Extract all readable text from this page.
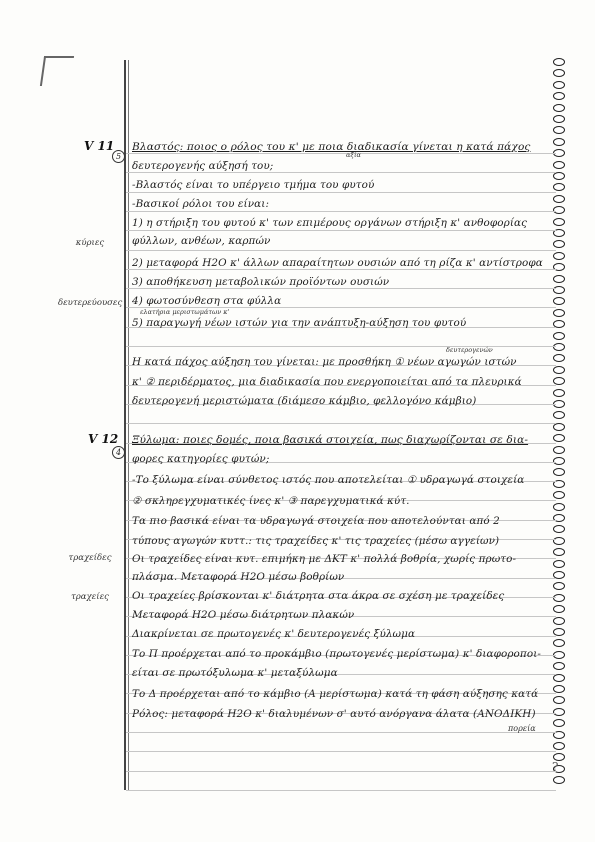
V 11
5
Βλαστός: ποιος ο ρόλος του κ' με ποια διαδικασία γίνεται η κατά πάχος
δευτερογενής αύξησή του;
αξία
-Βλαστός είναι το υπέργειο τμήμα του φυτού
-Βασικοί ρόλοι του είναι:
1) η στήριξη του φυτού κ' των επιμέρους οργάνων στήριξη κ' ανθοφορίας
φύλλων, ανθέων, καρπών
κύριες
2) μεταφορά H2O κ' άλλων απαραίτητων ουσιών από τη ρίζα κ' αντίστροφα
3) αποθήκευση μεταβολικών προϊόντων ουσιών
4) φωτοσύνθεση στα φύλλα
δευτερεύουσες
ελατήρια μεριστωμάτων κ'
5) παραγωγή νέων ιστών για την ανάπτυξη-αύξηση του φυτού
δευτερογενών
Η κατά πάχος αύξηση του γίνεται: με προσθήκη ① νέων αγωγών ιστών
κ' ② περιδέρματος, μια διαδικασία που ενεργοποιείται από τα πλευρικά
δευτερογενή μεριστώματα (διάμεσο κάμβιο, φελλογόνο κάμβιο)
V 12
4
Ξύλωμα: ποιες δομές, ποια βασικά στοιχεία, πως διαχωρίζονται σε δια-
φορες κατηγορίες φυτών;
-Το ξύλωμα είναι σύνθετος ιστός που αποτελείται ① υδραγωγά στοιχεία
② σκληρεγχυματικές ίνες κ' ③ παρεγχυματικά κύτ.
Τα πιο βασικά είναι τα υδραγωγά στοιχεία που αποτελούνται από 2
τύπους αγωγών κυττ.: τις τραχείδες κ' τις τραχείες (μέσω αγγείων)
Οι τραχείδες είναι κυτ. επιμήκη με ΔΚΤ κ' πολλά βοθρία, χωρίς πρωτο-
τραχείδες
πλάσμα. Μεταφορά H2O μέσω βοθρίων
Οι τραχείες βρίσκονται κ' διάτρητα στα άκρα σε σχέση με τραχείδες
τραχείες
Μεταφορά H2O μέσω διάτρητων πλακών
Διακρίνεται σε πρωτογενές κ' δευτερογενές ξύλωμα
Το Π προέρχεται από το προκάμβιο (πρωτογενές μερίστωμα) κ' διαφοροποι-
είται σε πρωτόξυλωμα κ' μεταξύλωμα
Το Δ προέρχεται από το κάμβιο (Α μερίστωμα) κατά τη φάση αύξησης κατά
Ρόλος: μεταφορά H2O κ' διαλυμένων σ' αυτό ανόργανα άλατα (ΑΝΟΔΙΚΗ)
πορεία
?
